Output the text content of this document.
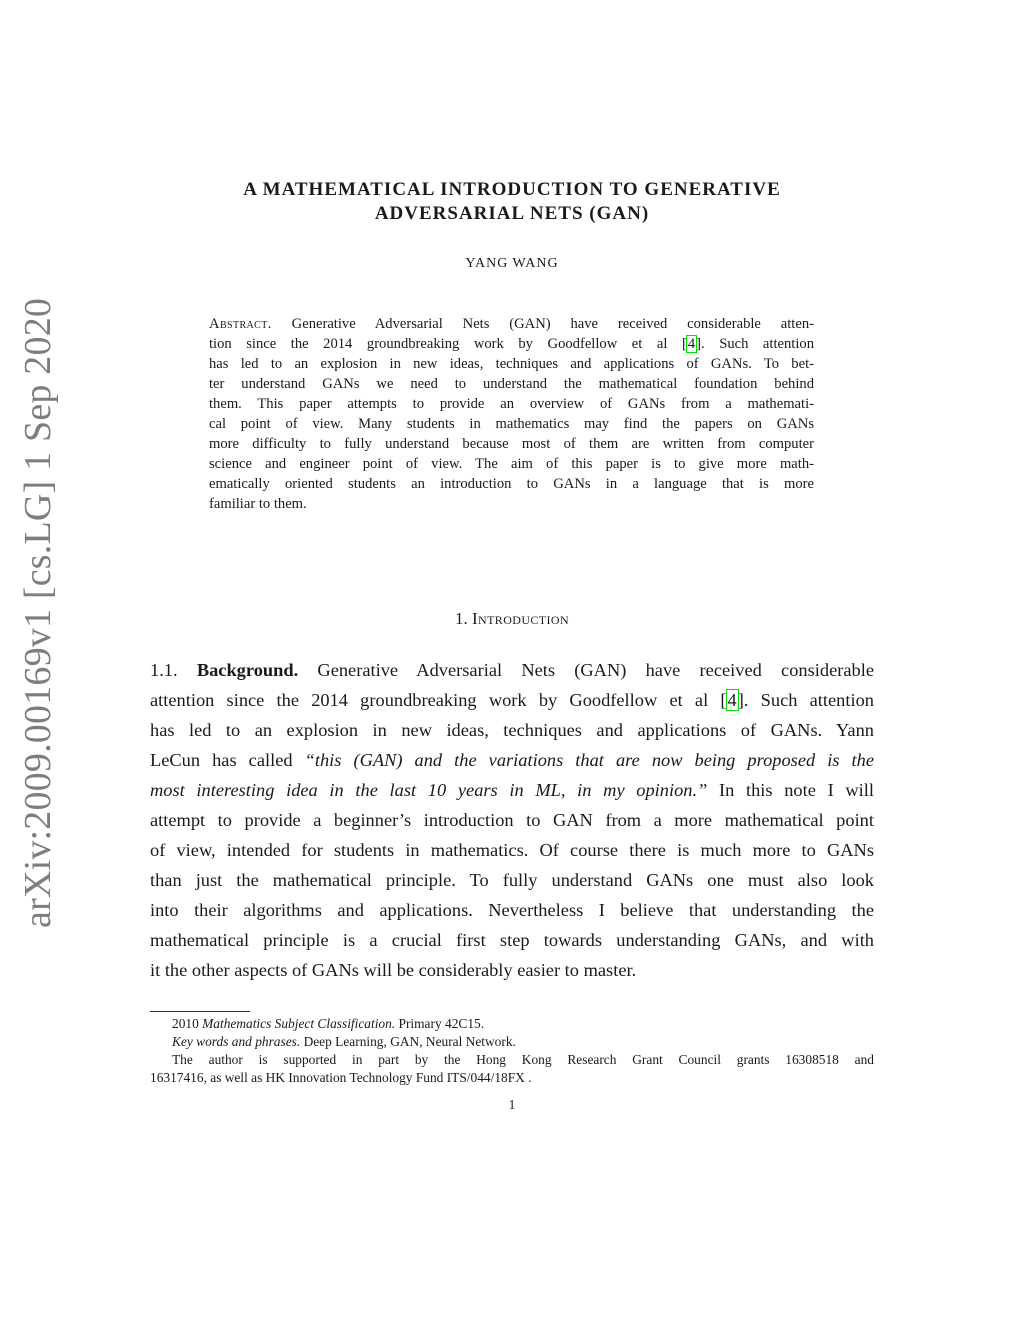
arXiv:2009.00169v1 [cs.LG] 1 Sep 2020
A MATHEMATICAL INTRODUCTION TO GENERATIVE
ADVERSARIAL NETS (GAN)
YANG WANG
Abstract. Generative Adversarial Nets (GAN) have received considerable atten-
tion since the 2014 groundbreaking work by Goodfellow et al [4]. Such attention
has led to an explosion in new ideas, techniques and applications of GANs. To bet-
ter understand GANs we need to understand the mathematical foundation behind
them. This paper attempts to provide an overview of GANs from a mathemati-
cal point of view. Many students in mathematics may find the papers on GANs
more difficulty to fully understand because most of them are written from computer
science and engineer point of view. The aim of this paper is to give more math-
ematically oriented students an introduction to GANs in a language that is more
familiar to them.
1. Introduction
1.1. Background. Generative Adversarial Nets (GAN) have received considerable
attention since the 2014 groundbreaking work by Goodfellow et al [4]. Such attention
has led to an explosion in new ideas, techniques and applications of GANs. Yann
LeCun has called “this (GAN) and the variations that are now being proposed is the
most interesting idea in the last 10 years in ML, in my opinion.” In this note I will
attempt to provide a beginner’s introduction to GAN from a more mathematical point
of view, intended for students in mathematics. Of course there is much more to GANs
than just the mathematical principle. To fully understand GANs one must also look
into their algorithms and applications. Nevertheless I believe that understanding the
mathematical principle is a crucial first step towards understanding GANs, and with
it the other aspects of GANs will be considerably easier to master.
2010 Mathematics Subject Classification. Primary 42C15.
Key words and phrases. Deep Learning, GAN, Neural Network.
The author is supported in part by the Hong Kong Research Grant Council grants 16308518 and
16317416, as well as HK Innovation Technology Fund ITS/044/18FX .
1
